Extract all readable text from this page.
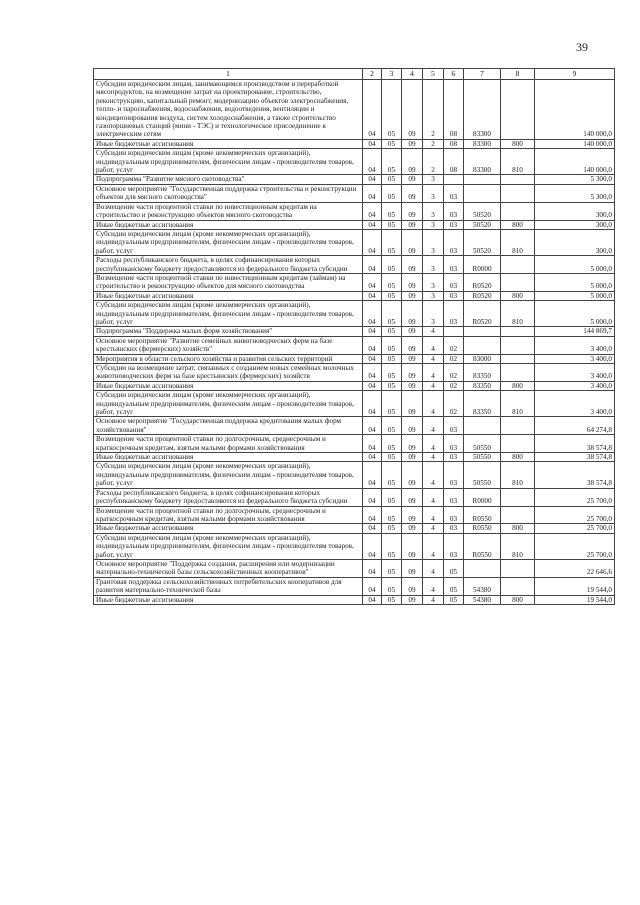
39
1	2	3	4	5	6	7	8	9
Субсидии юридическим лицам, занимающимся производством и переработкой мясопродуктов, на возмещение затрат на проектирование, строительство, реконструкцию, капитальный ремонт, модернизацию объектов электроснабжения, тепло- и пароснабжения, водоснабжения, водоотведения, вентиляции и кондиционирования воздуха, систем холодоснабжения, а также строительство газопоршневых станций (мини - ТЭС) и технологическое присоединение к электрическим сетям	04	05	09	2	08	83300		140 000,0
Иные бюджетные ассигнования	04	05	09	2	08	83300	800	140 000,0
Субсидии юридическим лицам (кроме некоммерческих организаций), индивидуальным предпринимателям, физическим лицам - производителям товаров, работ, услуг	04	05	09	2	08	83300	810	140 000,0
Подпрограмма "Развитие мясного скотоводства"	04	05	09	3				5 300,0
Основное мероприятие "Государственная поддержка строительства и реконструкции объектов для мясного скотоводства"	04	05	09	3	03			5 300,0
Возмещение части процентной ставки по инвестиционным кредитам на строительство и реконструкцию объектов мясного скотоводства	04	05	09	3	03	50520		300,0
Иные бюджетные ассигнования	04	05	09	3	03	50520	800	300,0
Субсидии юридическим лицам (кроме некоммерческих организаций), индивидуальным предпринимателям, физическим лицам - производителям товаров, работ, услуг	04	05	09	3	03	50520	810	300,0
Расходы республиканского бюджета, в целях софинансирования которых республиканскому бюджету предоставляются из федерального бюджета субсидии	04	05	09	3	03	R0000		5 000,0
Возмещение части процентной ставки по инвестиционным кредитам (займам) на строительство и реконструкцию объектов для мясного скотоводства	04	05	09	3	03	R0520		5 000,0
Иные бюджетные ассигнования	04	05	09	3	03	R0520	800	5 000,0
Субсидии юридическим лицам (кроме некоммерческих организаций), индивидуальным предпринимателям, физическим лицам - производителям товаров, работ, услуг	04	05	09	3	03	R0520	810	5 000,0
Подпрограмма "Поддержка малых форм хозяйствования"	04	05	09	4				144 869,7
Основное мероприятие "Развитие семейных животноводческих ферм на базе крестьянских (фермерских) хозяйств"	04	05	09	4	02			3 400,0
Мероприятия в области сельского хозяйства и развития сельских территорий	04	05	09	4	02	83000		3 400,0
Субсидии на возмещение затрат, связанных с созданием новых семейных молочных животноводческих ферм на базе крестьянских (фермерских) хозяйств	04	05	09	4	02	83350		3 400,0
Иные бюджетные ассигнования	04	05	09	4	02	83350	800	3 400,0
Субсидии юридическим лицам (кроме некоммерческих организаций), индивидуальным предпринимателям, физическим лицам - производителям товаров, работ, услуг	04	05	09	4	02	83350	810	3 400,0
Основное мероприятие "Государственная поддержка кредитования малых форм хозяйствования"	04	05	09	4	03			64 274,8
Возмещение части процентной ставки по долгосрочным, среднесрочным и краткосрочным кредитам, взятым малыми формами хозяйствования	04	05	09	4	03	50550		38 574,8
Иные бюджетные ассигнования	04	05	09	4	03	50550	800	38 574,8
Субсидии юридическим лицам (кроме некоммерческих организаций), индивидуальным предпринимателям, физическим лицам - производителям товаров, работ, услуг	04	05	09	4	03	50550	810	38 574,8
Расходы республиканского бюджета, в целях софинансирования которых республиканскому бюджету предоставляются из федерального бюджета субсидии	04	05	09	4	03	R0000		25 700,0
Возмещение части процентной ставки по долгосрочным, среднесрочным и краткосрочным кредитам, взятым малыми формами хозяйствования	04	05	09	4	03	R0550		25 700,0
Иные бюджетные ассигнования	04	05	09	4	03	R0550	800	25 700,0
Субсидии юридическим лицам (кроме некоммерческих организаций), индивидуальным предпринимателям, физическим лицам - производителям товаров, работ, услуг	04	05	09	4	03	R0550	810	25 700,0
Основное мероприятие "Поддержка создания, расширения или модернизации материально-технической базы сельскохозяйственных кооперативов"	04	05	09	4	05			22 646,6
Грантовая поддержка сельскохозяйственных потребительских кооперативов для развития материально-технической базы	04	05	09	4	05	54380		19 544,0
Иные бюджетные ассигнования	04	05	09	4	05	54380	800	19 544,0
